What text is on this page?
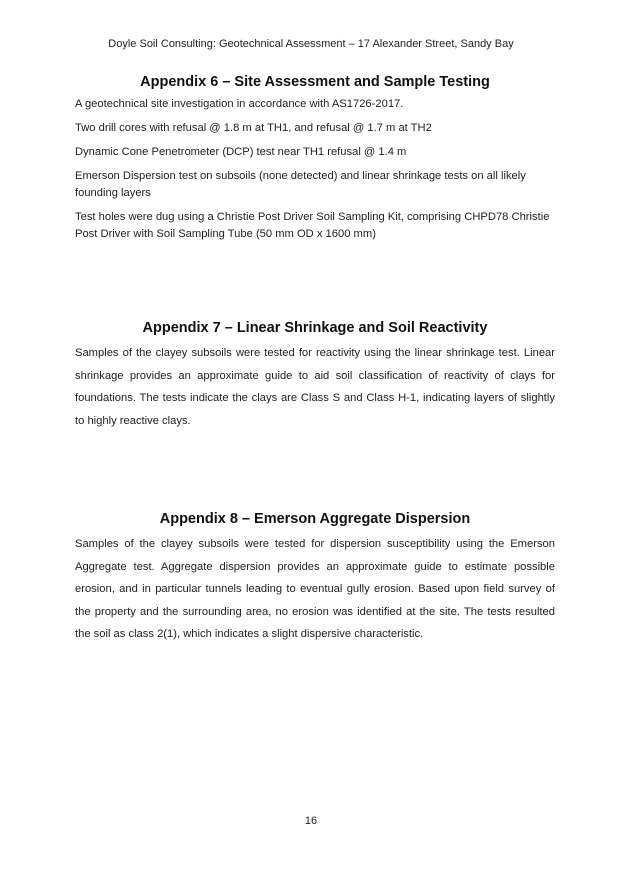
Doyle Soil Consulting: Geotechnical Assessment – 17 Alexander Street, Sandy Bay
Appendix 6 – Site Assessment and Sample Testing

A geotechnical site investigation in accordance with AS1726-2017.

Two drill cores with refusal @ 1.8 m at TH1, and refusal @ 1.7 m at TH2

Dynamic Cone Penetrometer (DCP) test near TH1 refusal @ 1.4 m

Emerson Dispersion test on subsoils (none detected) and linear shrinkage tests on all likely founding layers

Test holes were dug using a Christie Post Driver Soil Sampling Kit, comprising CHPD78 Christie Post Driver with Soil Sampling Tube (50 mm OD x 1600 mm)

Appendix 7 – Linear Shrinkage and Soil Reactivity

Samples of the clayey subsoils were tested for reactivity using the linear shrinkage test. Linear shrinkage provides an approximate guide to aid soil classification of reactivity of clays for foundations. The tests indicate the clays are Class S and Class H-1, indicating layers of slightly to highly reactive clays.

Appendix 8 – Emerson Aggregate Dispersion

Samples of the clayey subsoils were tested for dispersion susceptibility using the Emerson Aggregate test. Aggregate dispersion provides an approximate guide to estimate possible erosion, and in particular tunnels leading to eventual gully erosion. Based upon field survey of the property and the surrounding area, no erosion was identified at the site. The tests resulted the soil as class 2(1), which indicates a slight dispersive characteristic.

16
